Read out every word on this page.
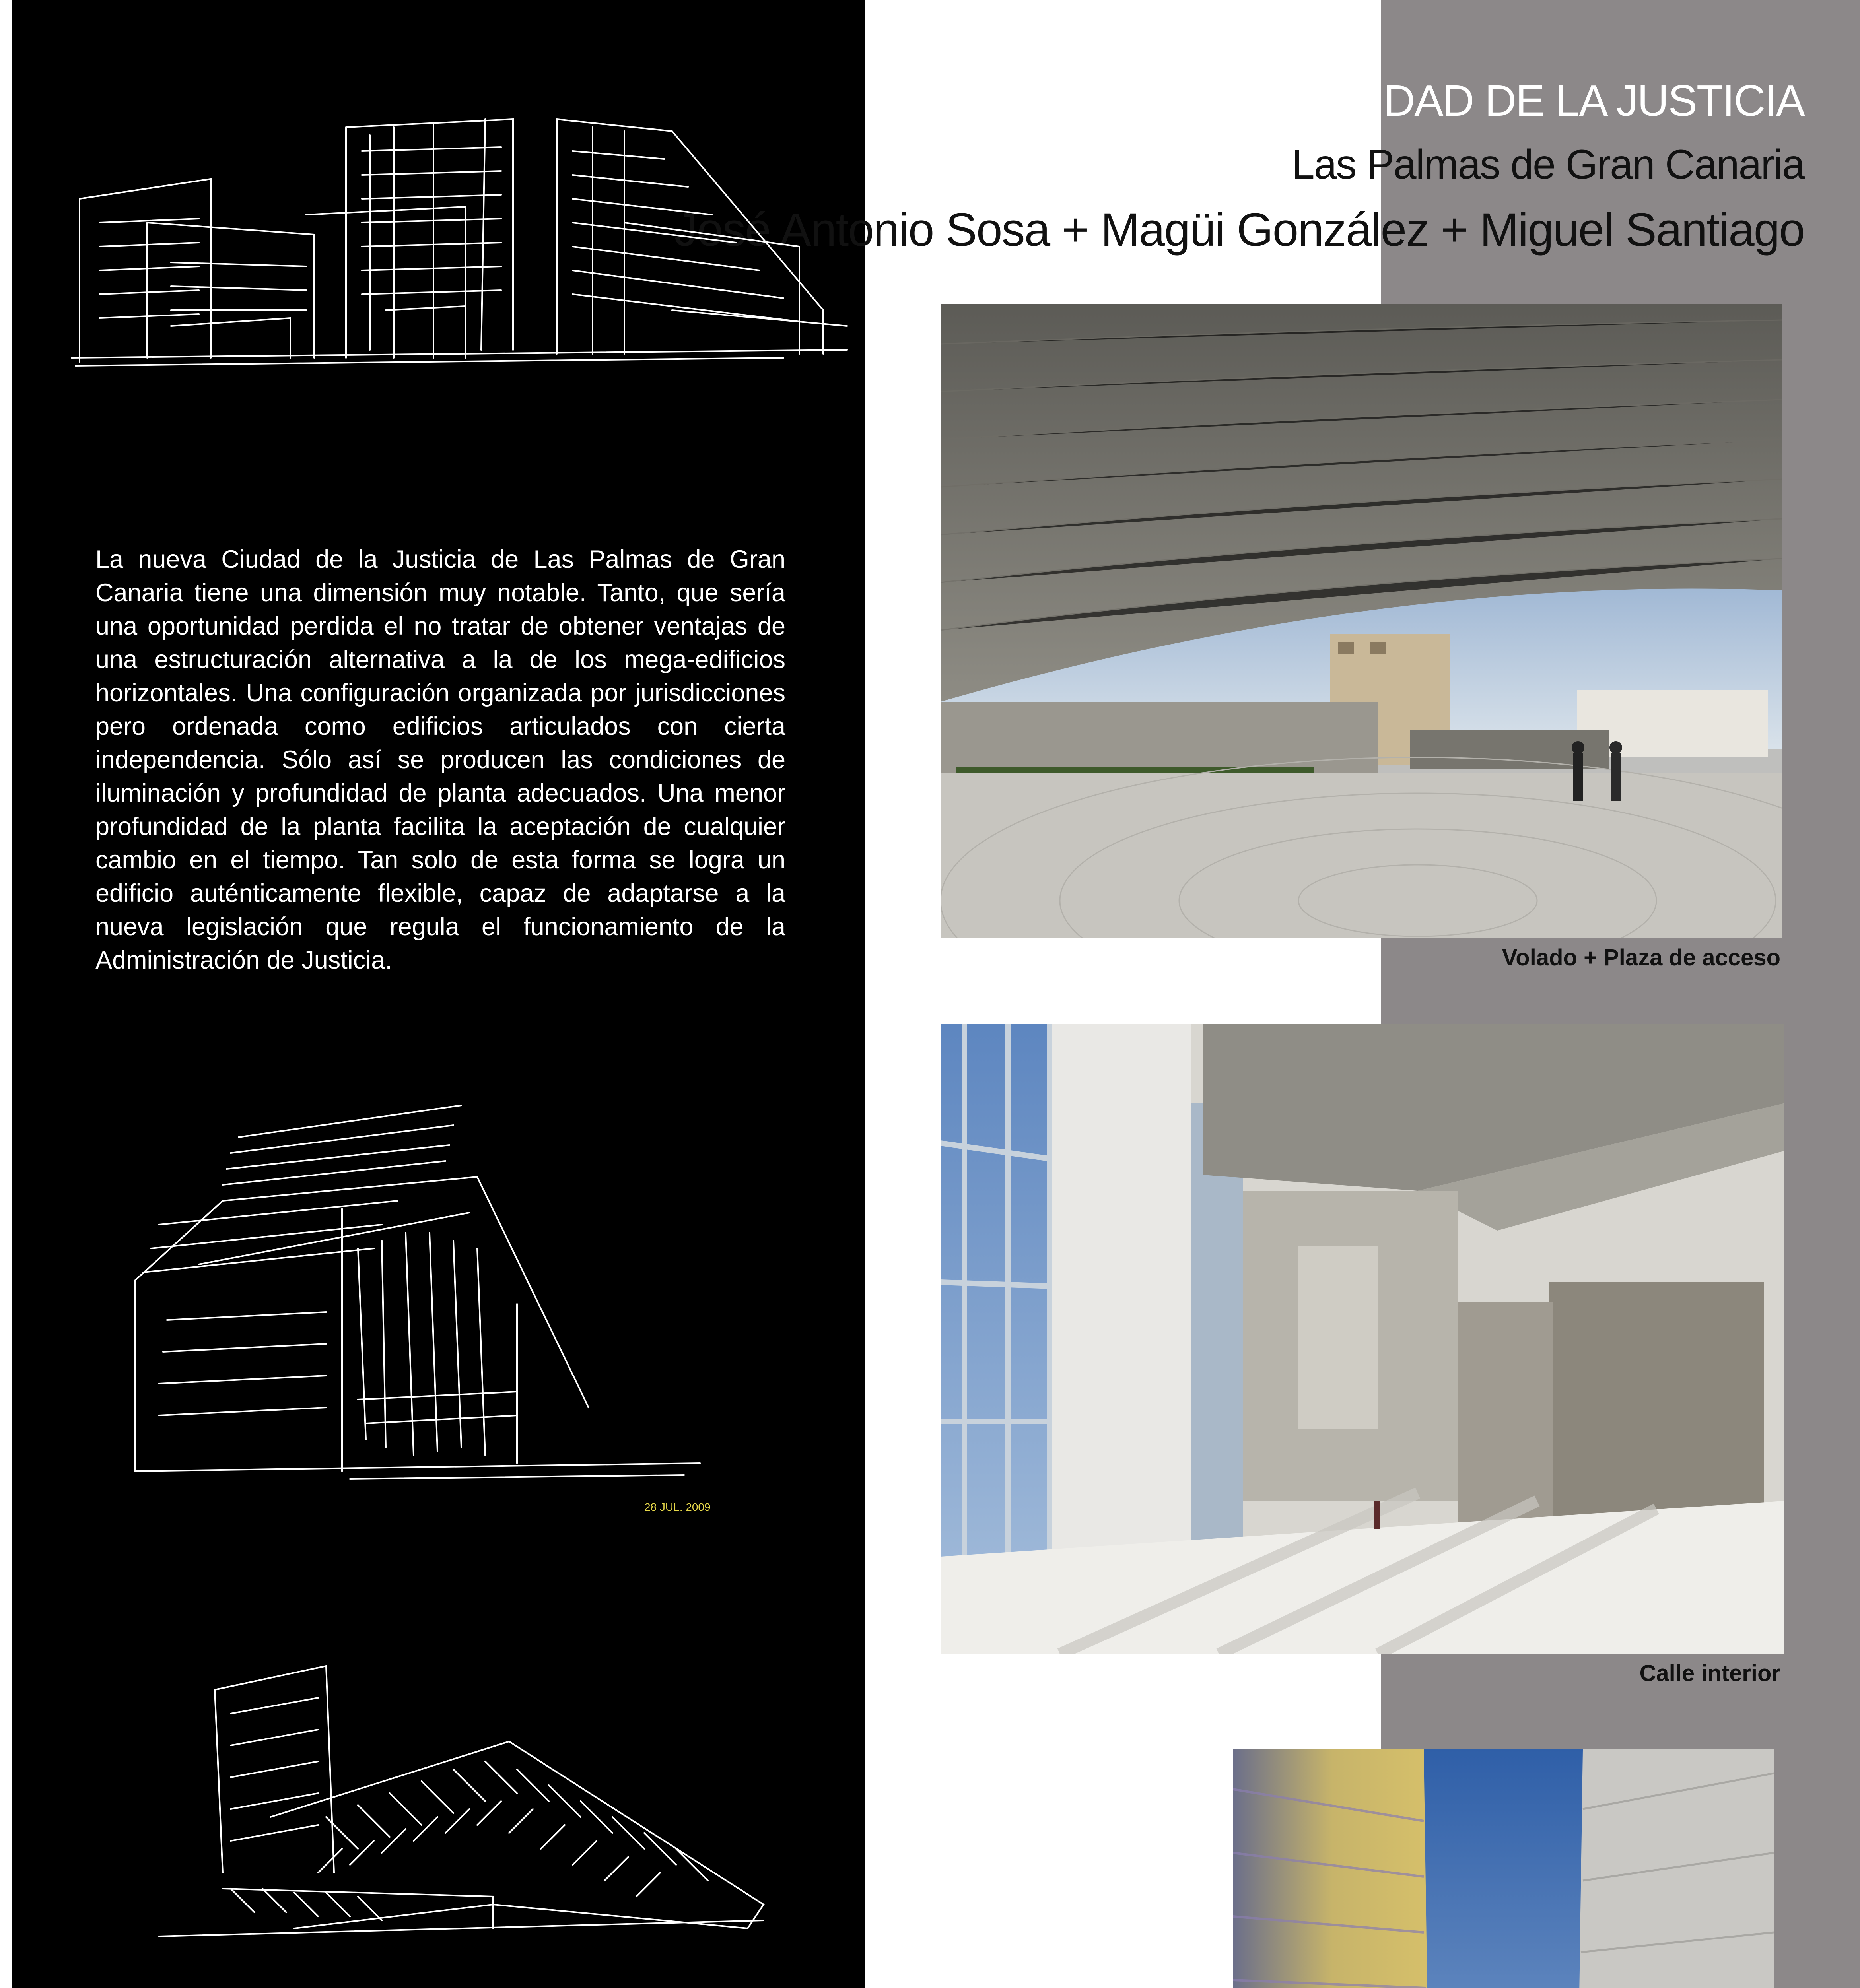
CIUDAD DE LA JUSTICIA
Las Palmas de Gran Canaria
José Antonio Sosa + Magüi González + Miguel Santiago
La nueva Ciudad de la Justicia de Las Palmas de Gran Canaria tiene una dimensión muy notable. Tanto, que sería una oportunidad perdida el no tratar de obtener ventajas de una estructuración alternativa a la de los mega-edificios horizontales. Una configuración organizada por jurisdicciones pero ordenada como edificios articulados con cierta independencia. Sólo así se producen las condiciones de iluminación y profundidad de planta adecuados. Una menor profundidad de la planta facilita la aceptación de cualquier cambio en el tiempo. Tan solo de esta forma se logra un edificio auténticamente flexible, capaz de adaptarse a la nueva legislación que regula el funcionamiento de la Administración de Justicia.
28 JUL. 2009
Volado + Plaza de acceso
Calle interior
